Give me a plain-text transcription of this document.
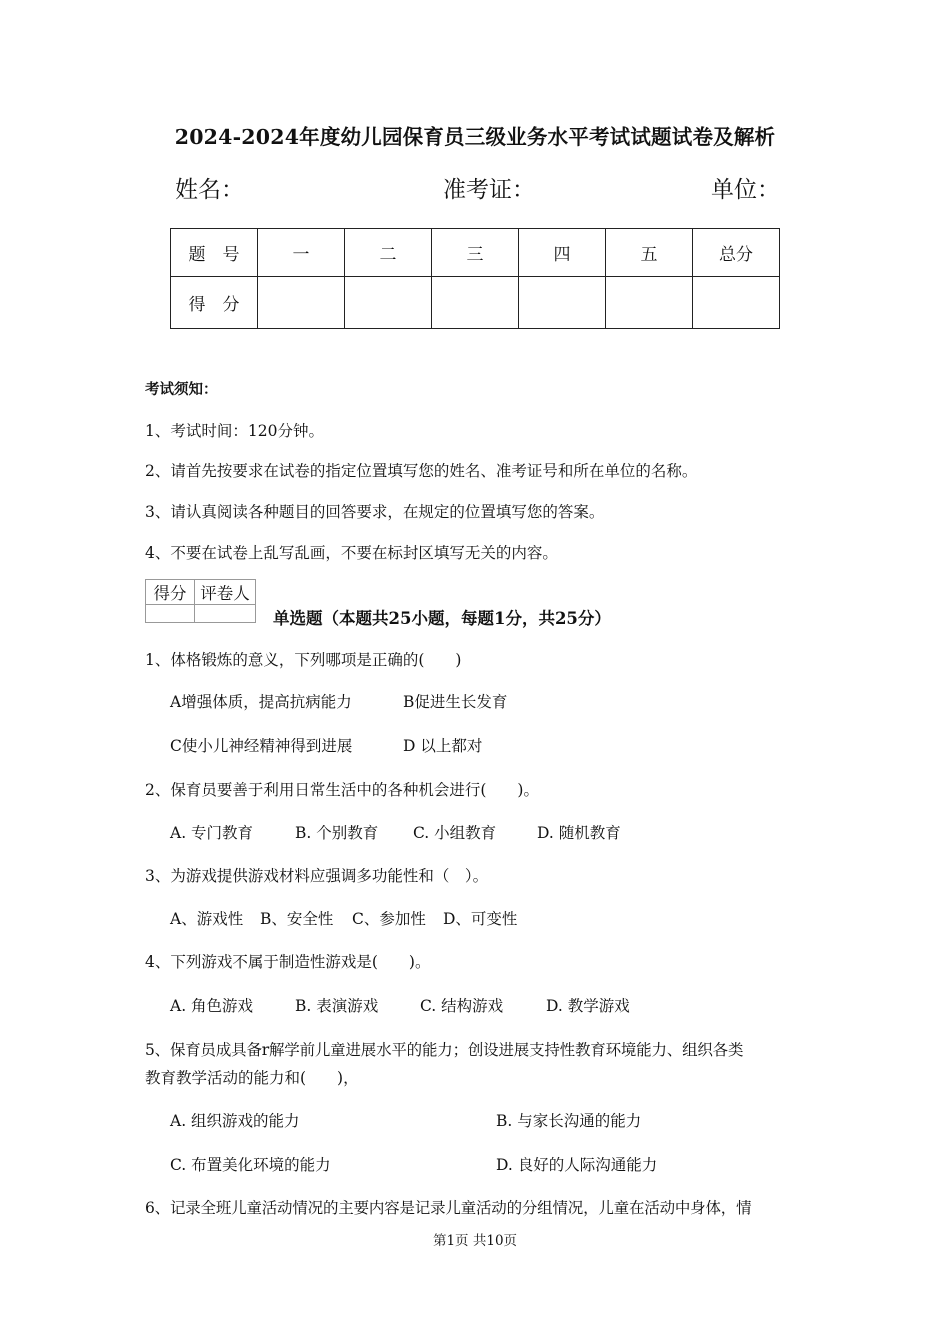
2024-2024年度幼儿园保育员三级业务水平考试试题试卷及解析
姓名：	准考证：	单位：
题　号	一	二	三	四	五	总分
得　分						
考试须知：
1、考试时间：120分钟。
2、请首先按要求在试卷的指定位置填写您的姓名、准考证号和所在单位的名称。
3、请认真阅读各种题目的回答要求，在规定的位置填写您的答案。
4、不要在试卷上乱写乱画，不要在标封区填写无关的内容。
得分	评卷人

单选题（本题共25小题，每题1分，共25分）
1、体格锻炼的意义，下列哪项是正确的(　　)
A增强体质，提高抗病能力	B促进生长发育
C使小儿神经精神得到进展	D 以上都对
2、保育员要善于利用日常生活中的各种机会进行(　　)。
A. 专门教育	B. 个别教育 C. 小组教育	D. 随机教育
3、为游戏提供游戏材料应强调多功能性和（　）。
A、游戏性 B、安全性 C、参加性 D、可变性
4、下列游戏不属于制造性游戏是(　　)。
A. 角色游戏	B. 表演游戏	C. 结构游戏	D. 教学游戏
5、保育员成具备r解学前儿童进展水平的能力；创设进展支持性教育环境能力、组织各类
教育教学活动的能力和(　　)，
A. 组织游戏的能力	B. 与家长沟通的能力
C. 布置美化环境的能力	D. 良好的人际沟通能力
6、记录全班儿童活动情况的主要内容是记录儿童活动的分组情况，儿童在活动中身体，情
第1页 共10页
